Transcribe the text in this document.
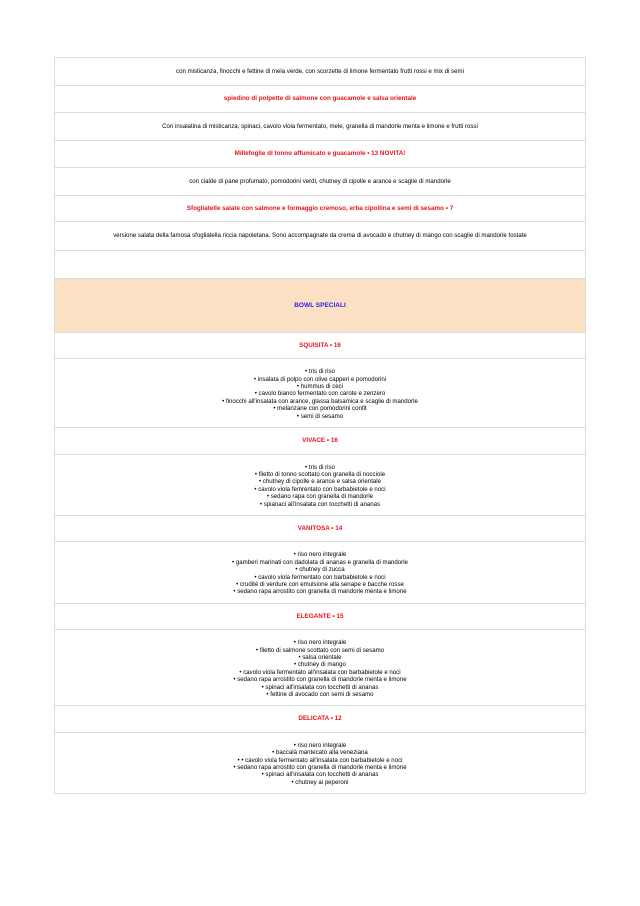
con misticanza, finocchi e fettine di mela verde, con scorzette di limone fermentato frutti rossi e mix di semi
spiedino di polpette di salmone con guacamole e salsa orientale
Con insalatina di misticanza, spinaci, cavolo viola fermentato, mele, granella di mandorle menta e limone e frutti rossi
Millefoglie di tonno affumicato e guacamole • 13 NOVITA!
con cialde di pane profumato, pomodorini verdi, chutney di cipolle e arance e scaglie di mandorle
Sfogliatelle salate con salmone e formaggio cremoso, erba cipollina e semi di sesamo • 7
versione salata della famosa sfogliatella riccia napoletana. Sono accompagnate da crema di avocado e chutney di mango con scaglie di mandorle tostate
BOWL SPECIALI
SQUISITA • 16
• tris di riso
• insalata di polpo con olive capperi e pomodorini
• hummus di ceci
• cavolo bianco fermentato con carote e zenzero
• finocchi all'insalata con arance, glassa balsamica e scaglie di mandorle
• melanzane con pomodorini confit
• semi di sesamo
VIVACE • 16
• tris di riso
• filetto di tonno scottato con granella di nocciole
• chutney di cipolle e arance e salsa orientale
• cavolo viola femrentato con barbabietole e noci
• sedano rapa con granella di mandorle
• spianaci all'insalata con tocchetti di ananas
VANITOSA • 14
• riso nero integrale
• gamberi marinati con dadolata di ananas e granella di mandorle
• chutney di zucca
• cavolo viola fermentato con barbabietole e noci
• crudité di verdure con emulsione alla senape e bacche rosse
• sedano rapa arrostito con granella di mandorle menta e limone
ELEGANTE • 15
• riso nero integrale
• filetto di salmone scottato con semi di sesamo
• salsa orientale
• chutney di mango
• cavolo viola fermentato all'insalata con barbabietole e noci
• sedano rapa arrostito con granella di mandorle menta e limone
• spinaci all'insalata con tocchetti di ananas
• fettine di avocado con semi di sesamo
DELICATA • 12
• riso nero integrale
• baccalà mantecato alla veneziana
• • cavolo viola fermentato all'insalata con barbabietole e noci
• sedano rapa arrostito con granella di mandorle menta e limone
• spinaci all'insalata con tocchetti di ananas
• chutney ai peperoni
